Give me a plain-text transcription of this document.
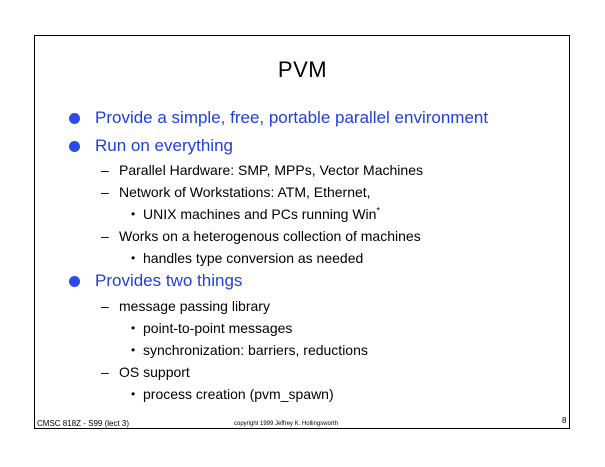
PVM
Provide a simple, free, portable parallel environment
Run on everything
– Parallel Hardware: SMP, MPPs, Vector Machines
– Network of Workstations: ATM, Ethernet,
• UNIX machines and PCs running Win*
– Works on a heterogenous collection of machines
• handles type conversion as needed
Provides two things
– message passing library
• point-to-point messages
• synchronization: barriers, reductions
– OS support
• process creation (pvm_spawn)
CMSC 818Z - S99 (lect 3)	copyright 1999 Jeffrey K. Hollingsworth	8
